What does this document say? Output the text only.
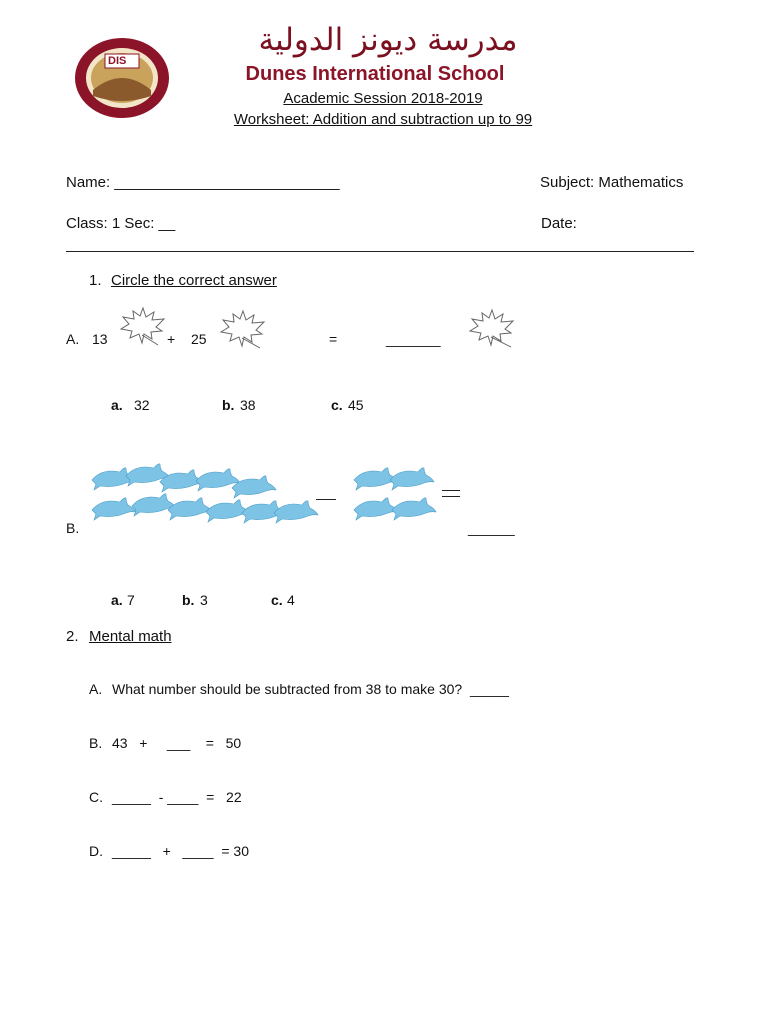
DIS
مدرسة ديونز الدولية
Dunes International School
Academic Session 2018-2019
Worksheet: Addition and subtraction up to 99
Name: ___________________________	Subject: Mathematics
Class: 1 Sec: __	Date:
1. Circle the correct answer
A. 13	+ 25	=	_______
a. 32	b. 38	c. 45
B.	______
a. 7	b. 3	c. 4
2. Mental math
A. What number should be subtracted from 38 to make 30?  _____
B. 43   +     ___    =   50
C. _____  - ____  =   22
D. _____   +   ____  = 30
